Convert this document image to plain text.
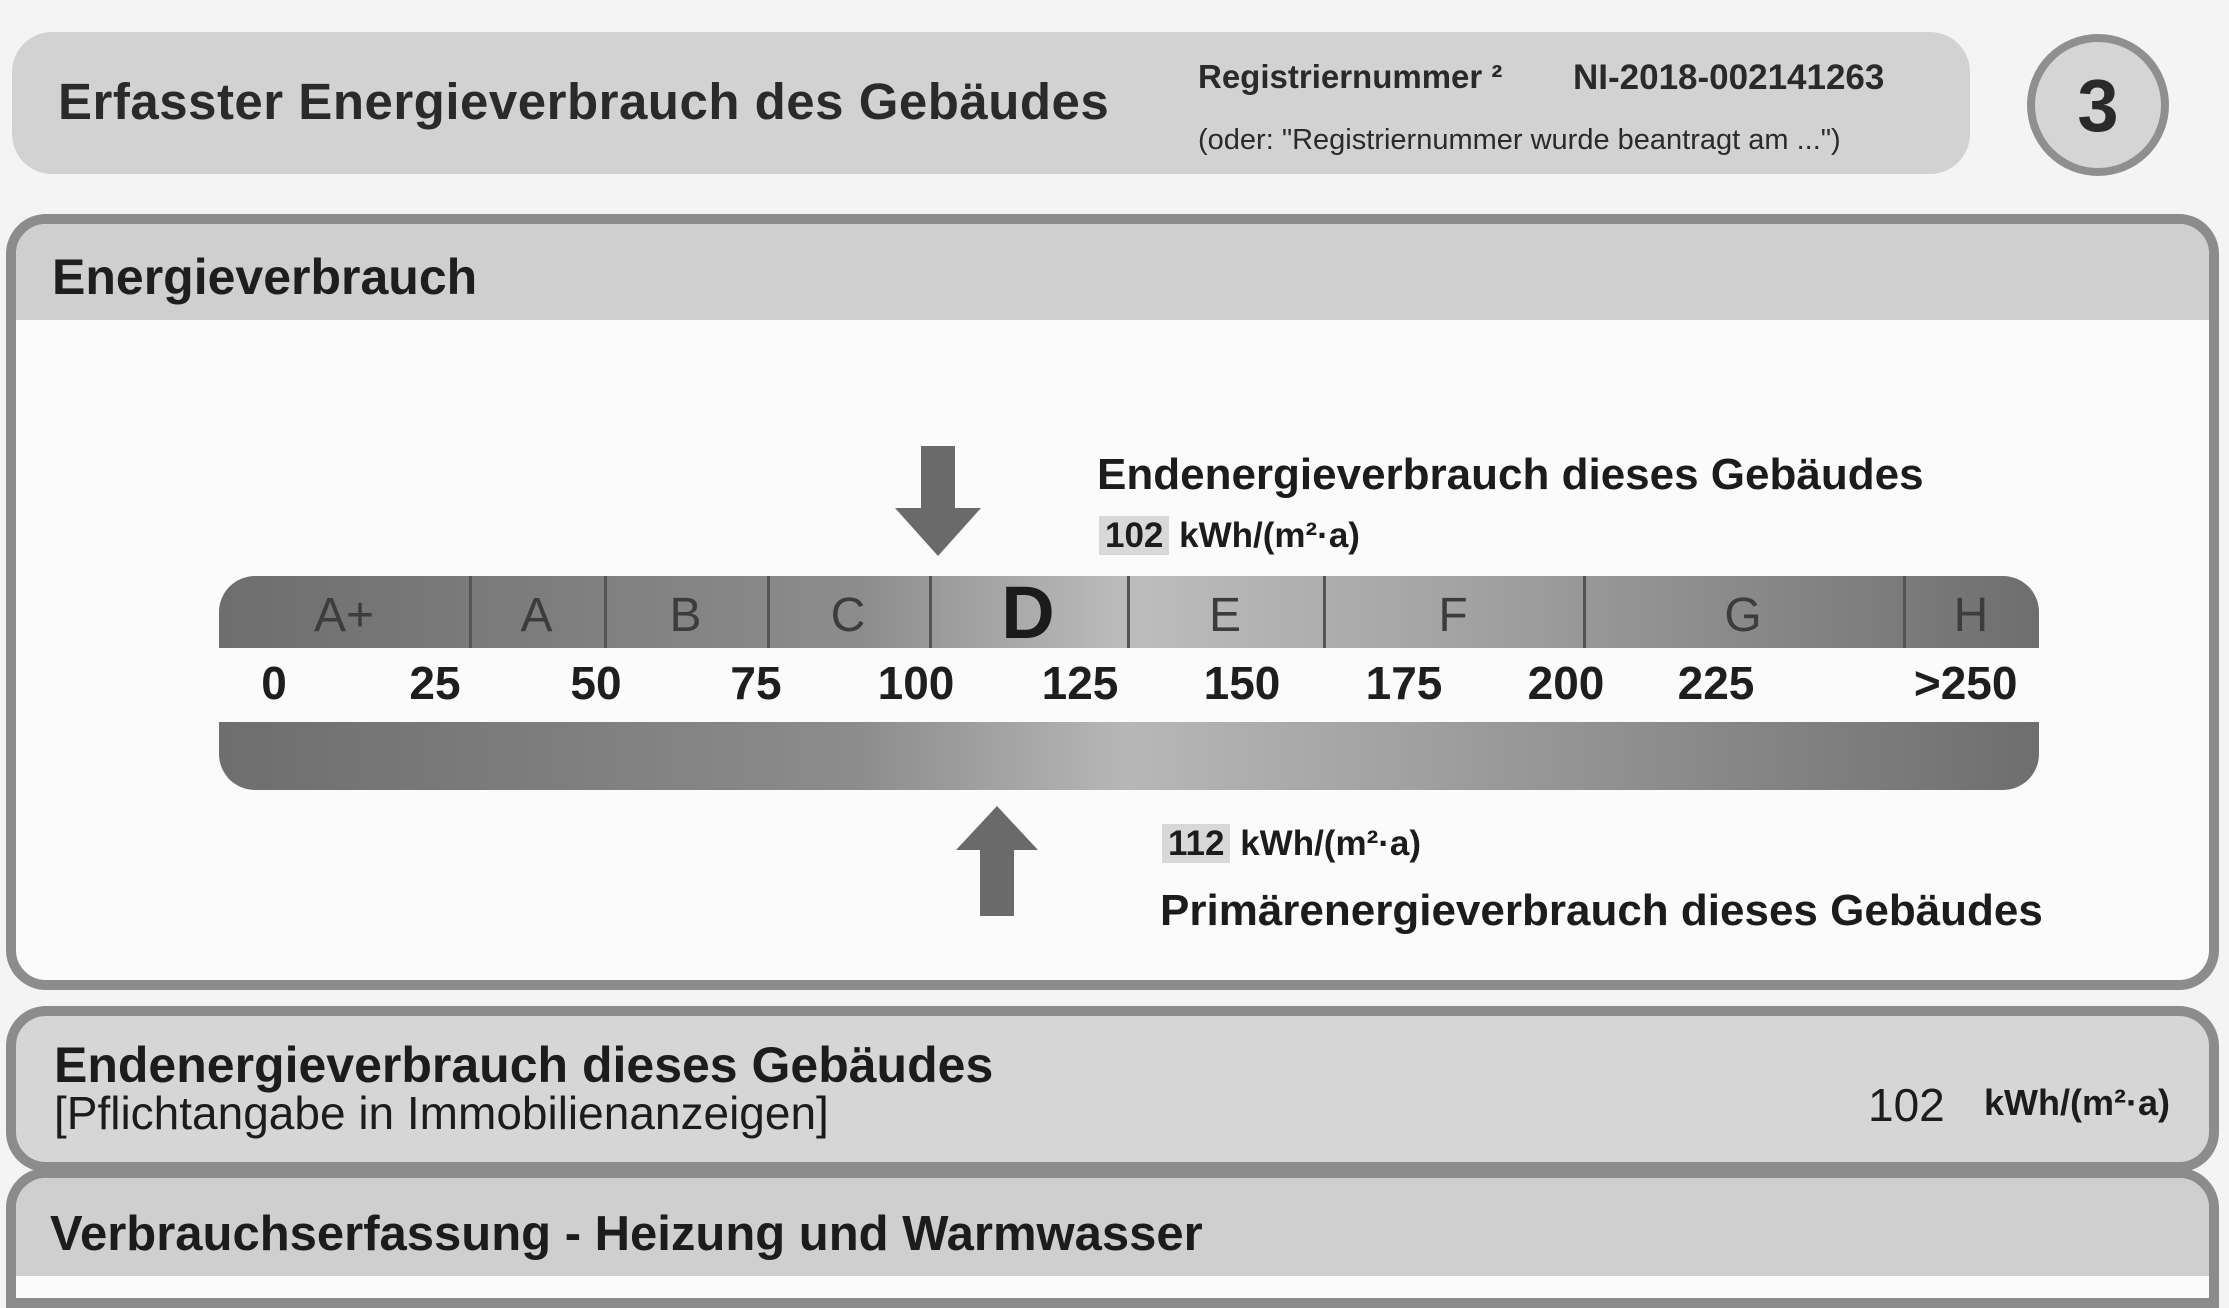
Erfasster Energieverbrauch des Gebäudes	Registriernummer ² NI-2018-002141263
(oder: "Registriernummer wurde beantragt am ...")	3
Energieverbrauch
Endenergieverbrauch dieses Gebäudes
102 kWh/(m²·a)
A+	A B	C D	E	F	G	H
112 kWh/(m²·a)
Primärenergieverbrauch dieses Gebäudes
0	25 50 75 100 125 150 175 200 225	>250
Endenergieverbrauch dieses Gebäudes
[Pflichtangabe in Immobilienanzeigen]	102 kWh/(m²·a)
Verbrauchserfassung - Heizung und Warmwasser
